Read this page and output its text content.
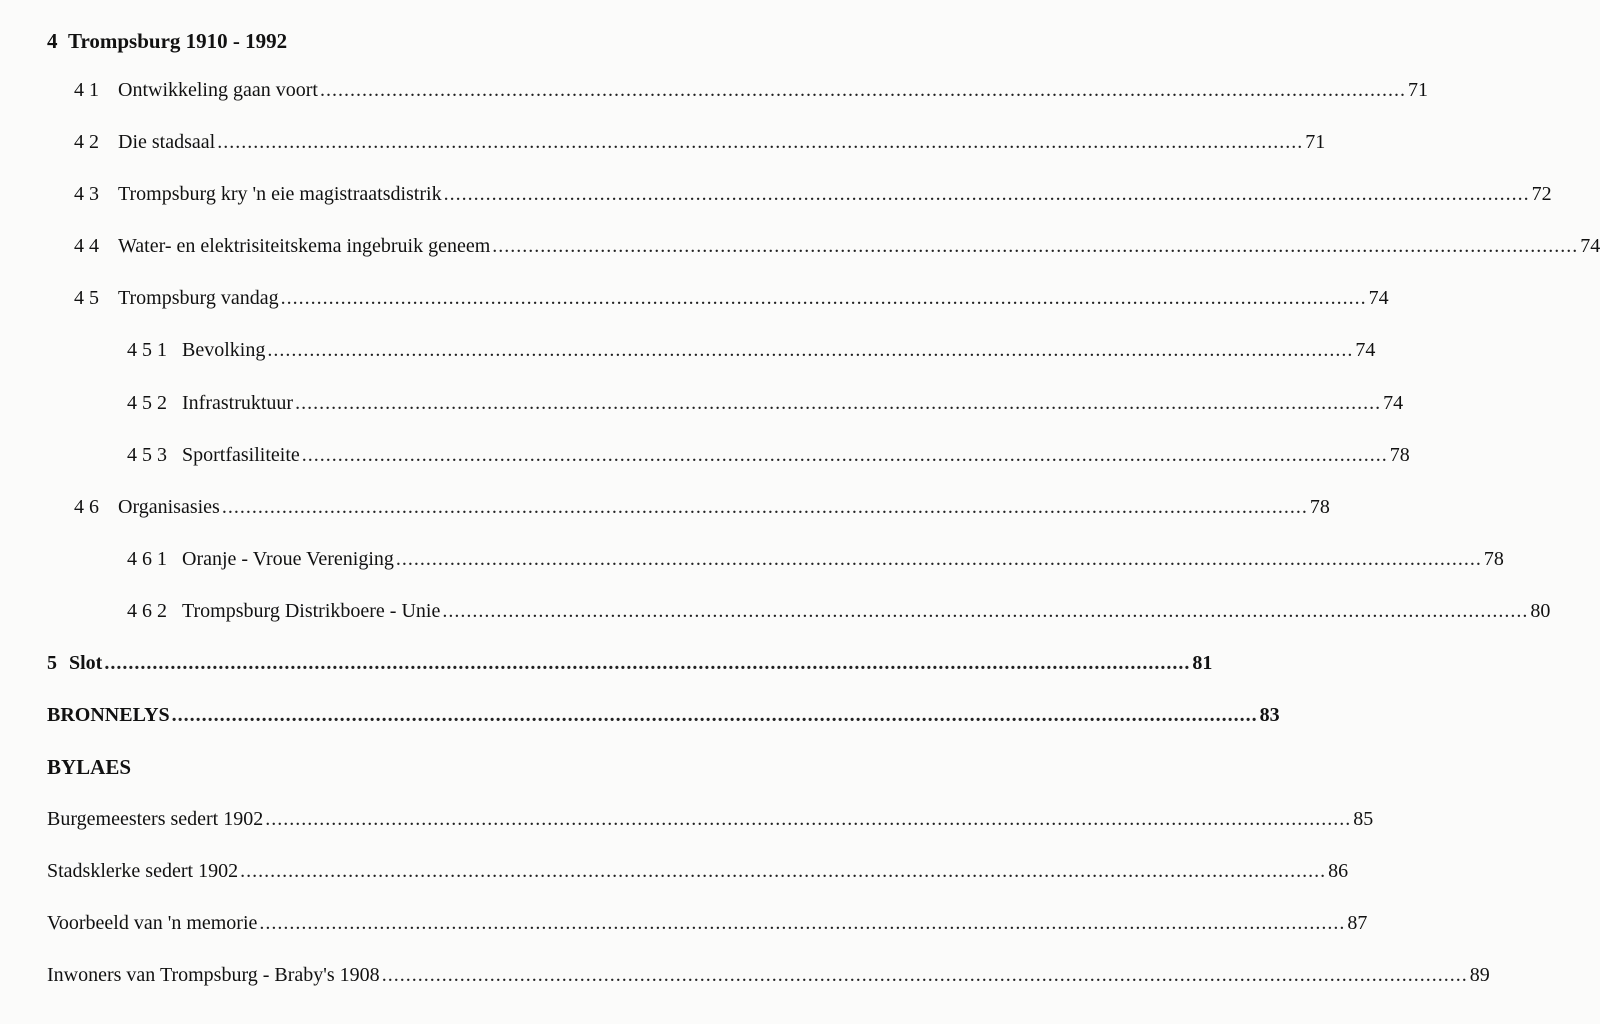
4 Trompsburg 1910 - 1992
4 1 Ontwikkeling gaan voort ..................................................................................................................................................................................... 71
4 2 Die stadsaal ..................................................................................................................................................................................... 71
4 3 Trompsburg kry 'n eie magistraatsdistrik ..................................................................................................................................................................................... 72
4 4 Water- en elektrisiteitskema ingebruik geneem ..................................................................................................................................................................................... 74
4 5 Trompsburg vandag ..................................................................................................................................................................................... 74
4 5 1 Bevolking ..................................................................................................................................................................................... 74
4 5 2 Infrastruktuur ..................................................................................................................................................................................... 74
4 5 3 Sportfasiliteite ..................................................................................................................................................................................... 78
4 6 Organisasies ..................................................................................................................................................................................... 78
4 6 1 Oranje - Vroue Vereniging ..................................................................................................................................................................................... 78
4 6 2 Trompsburg Distrikboere - Unie ..................................................................................................................................................................................... 80
5 Slot ..................................................................................................................................................................................... 81
BRONNELYS ..................................................................................................................................................................................... 83
BYLAES
Burgemeesters sedert 1902 ..................................................................................................................................................................................... 85
Stadsklerke sedert 1902 ..................................................................................................................................................................................... 86
Voorbeeld van 'n memorie ..................................................................................................................................................................................... 87
Inwoners van Trompsburg - Braby's 1908 ..................................................................................................................................................................................... 89
